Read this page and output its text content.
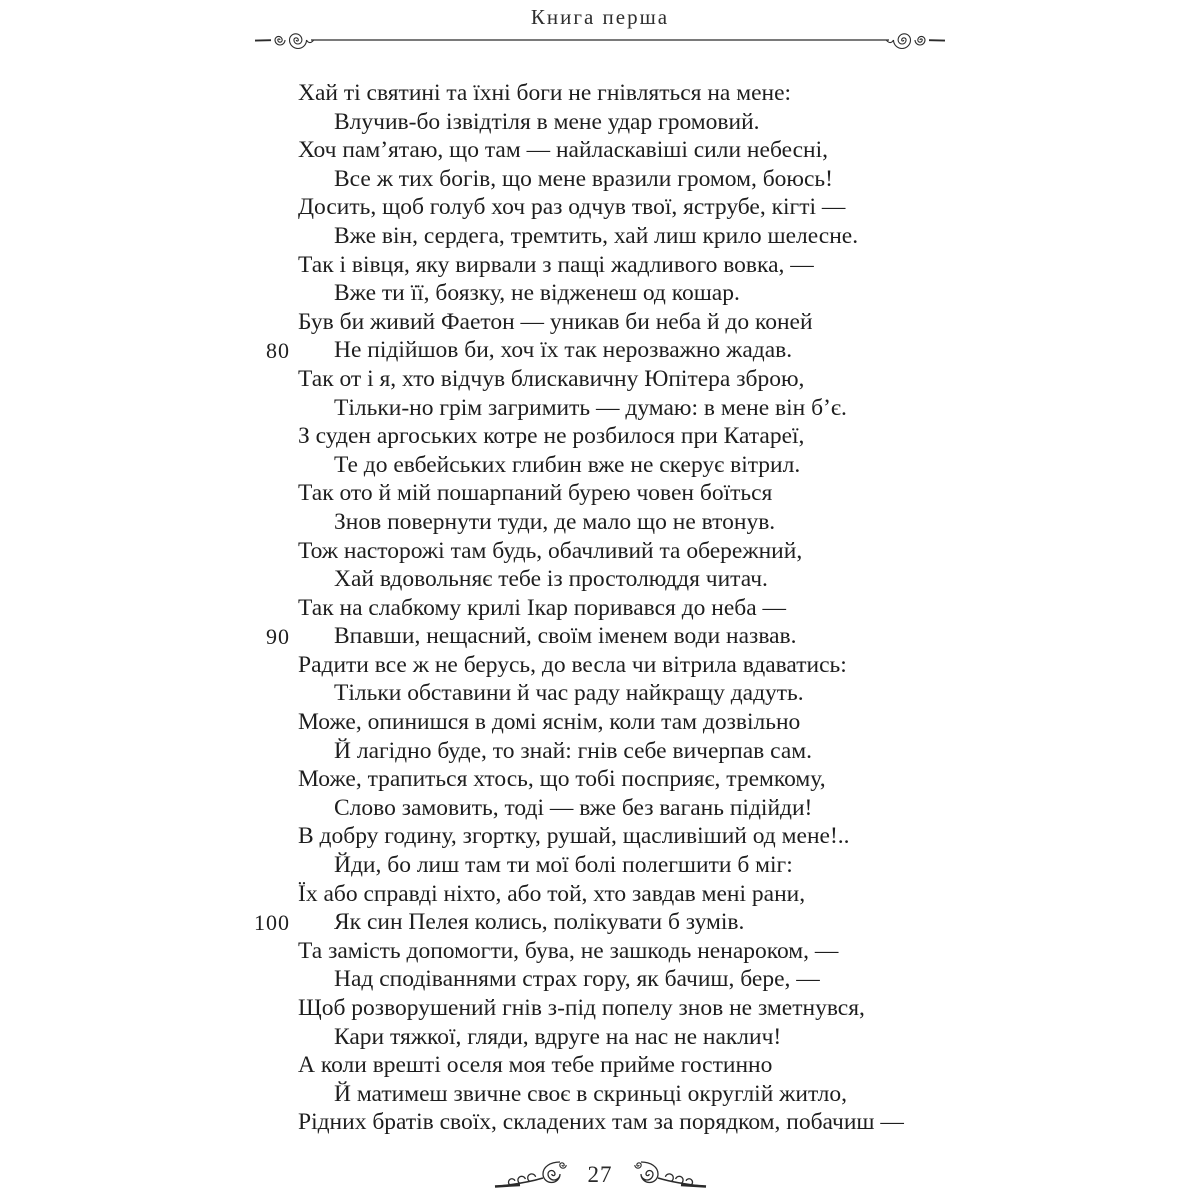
Книга перша
Хай ті святині та їхні боги не гнівляться на мене:
Влучив-бо ізвідтіля в мене удар громовий.
Хоч пам’ятаю, що там — найласкавіші сили небесні,
Все ж тих богів, що мене вразили громом, боюсь!
Досить, щоб голуб хоч раз одчув твої, яструбе, кігті —
Вже він, сердега, тремтить, хай лиш крило шелесне.
Так і вівця, яку вирвали з пащі жадливого вовка, —
Вже ти її, боязку, не відженеш од кошар.
Був би живий Фаетон — уникав би неба й до коней
80 Не підійшов би, хоч їх так нерозважно жадав.
Так от і я, хто відчув блискавичну Юпітера зброю,
Тільки-но грім загримить — думаю: в мене він б’є.
З суден аргоських котре не розбилося при Катареї,
Те до евбейських глибин вже не скерує вітрил.
Так ото й мій пошарпаний бурею човен боїться
Знов повернути туди, де мало що не втонув.
Тож насторожі там будь, обачливий та обережний,
Хай вдовольняє тебе із простолюддя читач.
Так на слабкому крилі Ікар поривався до неба —
90 Впавши, нещасний, своїм іменем води назвав.
Радити все ж не берусь, до весла чи вітрила вдаватись:
Тільки обставини й час раду найкращу дадуть.
Може, опинишся в домі яснім, коли там дозвільно
Й лагідно буде, то знай: гнів себе вичерпав сам.
Може, трапиться хтось, що тобі посприяє, тремкому,
Слово замовить, тоді — вже без вагань підійди!
В добру годину, згортку, рушай, щасливіший од мене!..
Йди, бо лиш там ти мої болі полегшити б міг:
Їх або справді ніхто, або той, хто завдав мені рани,
100 Як син Пелея колись, полікувати б зумів.
Та замість допомогти, бува, не зашкодь ненароком, —
Над сподіваннями страх гору, як бачиш, бере, —
Щоб розворушений гнів з-під попелу знов не зметнувся,
Кари тяжкої, гляди, вдруге на нас не наклич!
А коли врешті оселя моя тебе прийме гостинно
Й матимеш звичне своє в скриньці округлій житло,
Рідних братів своїх, складених там за порядком, побачиш —
27
